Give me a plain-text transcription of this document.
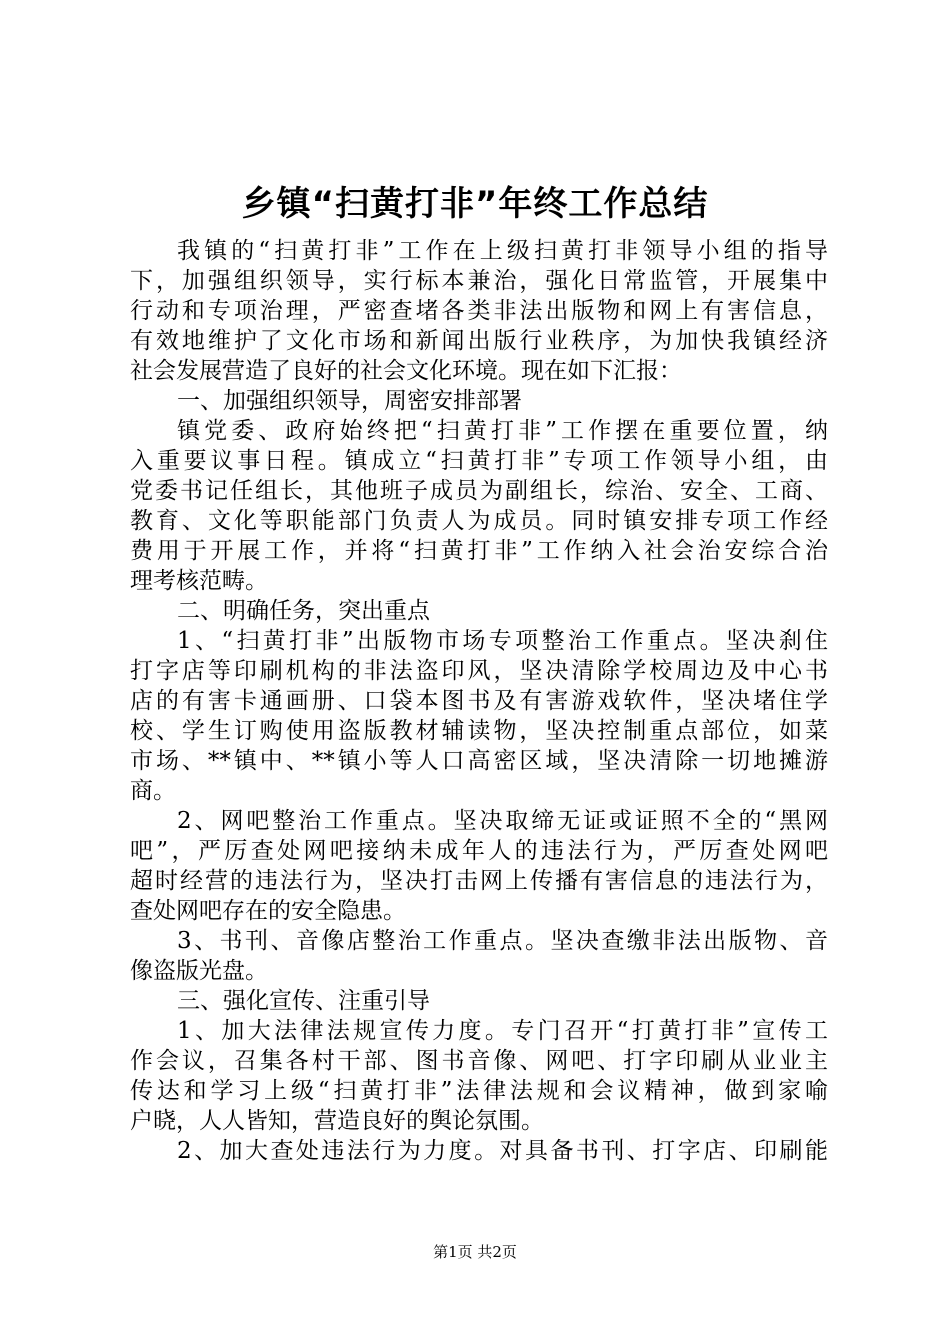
乡镇“扫黄打非”年终工作总结
我镇的“扫黄打非”工作在上级扫黄打非领导小组的指导
下，加强组织领导，实行标本兼治，强化日常监管，开展集中
行动和专项治理，严密查堵各类非法出版物和网上有害信息，
有效地维护了文化市场和新闻出版行业秩序，为加快我镇经济
社会发展营造了良好的社会文化环境。现在如下汇报：
一、加强组织领导，周密安排部署
镇党委、政府始终把“扫黄打非”工作摆在重要位置，纳
入重要议事日程。镇成立“扫黄打非”专项工作领导小组，由
党委书记任组长，其他班子成员为副组长，综治、安全、工商、
教育、文化等职能部门负责人为成员。同时镇安排专项工作经
费用于开展工作，并将“扫黄打非”工作纳入社会治安综合治
理考核范畴。
二、明确任务，突出重点
1、“扫黄打非”出版物市场专项整治工作重点。坚决刹住
打字店等印刷机构的非法盗印风，坚决清除学校周边及中心书
店的有害卡通画册、口袋本图书及有害游戏软件，坚决堵住学
校、学生订购使用盗版教材辅读物，坚决控制重点部位，如菜
市场、**镇中、**镇小等人口高密区域，坚决清除一切地摊游
商。
2、网吧整治工作重点。坚决取缔无证或证照不全的“黑网
吧”，严厉查处网吧接纳未成年人的违法行为，严厉查处网吧
超时经营的违法行为，坚决打击网上传播有害信息的违法行为，
查处网吧存在的安全隐患。
3、书刊、音像店整治工作重点。坚决查缴非法出版物、音
像盗版光盘。
三、强化宣传、注重引导
1、加大法律法规宣传力度。专门召开“打黄打非”宣传工
作会议，召集各村干部、图书音像、网吧、打字印刷从业业主
传达和学习上级“扫黄打非”法律法规和会议精神，做到家喻
户晓，人人皆知，营造良好的舆论氛围。
2、加大查处违法行为力度。对具备书刊、打字店、印刷能
第1页 共2页
